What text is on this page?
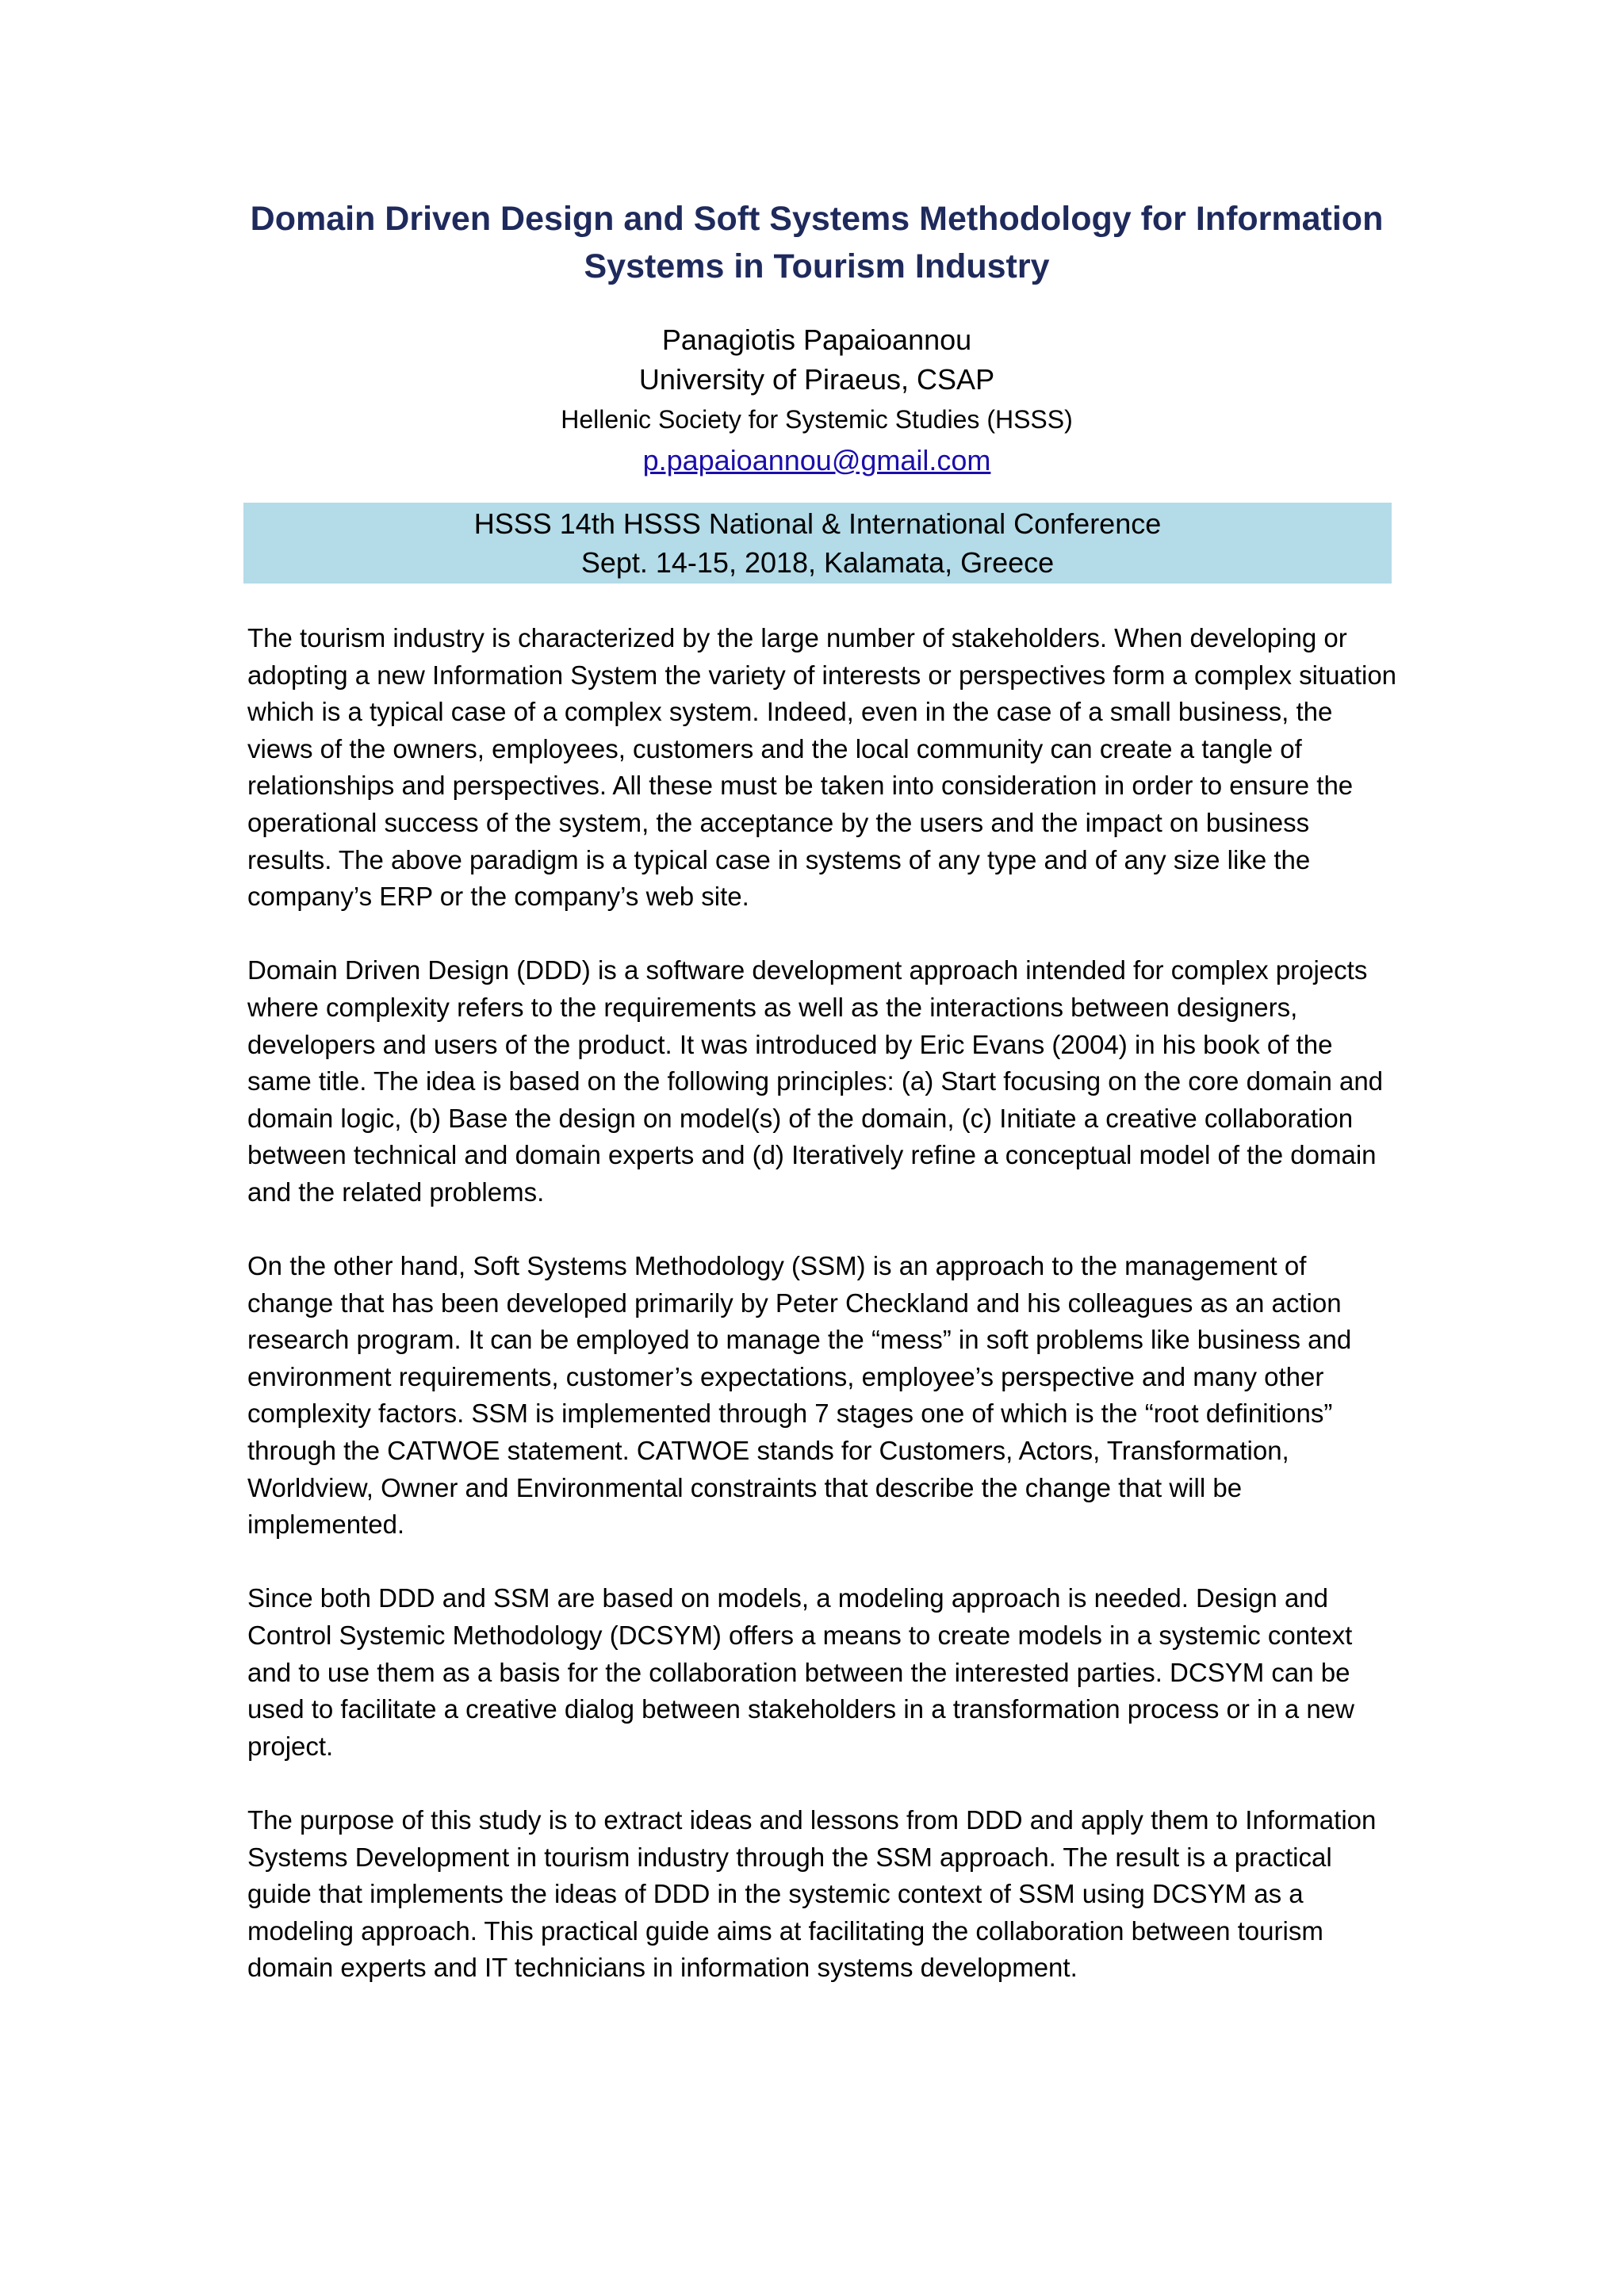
Domain Driven Design and Soft Systems Methodology for Information Systems in Tourism Industry
Panagiotis Papaioannou
University of Piraeus, CSAP
Hellenic Society for Systemic Studies (HSSS)
p.papaioannou@gmail.com
HSSS 14th HSSS National & International Conference
Sept. 14-15, 2018, Kalamata, Greece

The tourism industry is characterized by the large number of stakeholders. When developing or adopting a new Information System the variety of interests or perspectives form a complex situation which is a typical case of a complex system. Indeed, even in the case of a small business, the views of the owners, employees, customers and the local community can create a tangle of relationships and perspectives. All these must be taken into consideration in order to ensure the operational success of the system, the acceptance by the users and the impact on business results. The above paradigm is a typical case in systems of any type and of any size like the company’s ERP or the company’s web site.

Domain Driven Design (DDD) is a software development approach intended for complex projects where complexity refers to the requirements as well as the interactions between designers, developers and users of the product. It was introduced by Eric Evans (2004) in his book of the same title. The idea is based on the following principles: (a) Start focusing on the core domain and domain logic, (b) Base the design on model(s) of the domain, (c) Initiate a creative collaboration between technical and domain experts and (d) Iteratively refine a conceptual model of the domain and the related problems.

On the other hand, Soft Systems Methodology (SSM) is an approach to the management of change that has been developed primarily by Peter Checkland and his colleagues as an action research program. It can be employed to manage the “mess” in soft problems like business and environment requirements, customer’s expectations, employee’s perspective and many other complexity factors. SSM is implemented through 7 stages one of which is the “root definitions” through the CATWOE statement. CATWOE stands for Customers, Actors, Transformation, Worldview, Owner and Environmental constraints that describe the change that will be implemented.

Since both DDD and SSM are based on models, a modeling approach is needed. Design and Control Systemic Methodology (DCSYM) offers a means to create models in a systemic context and to use them as a basis for the collaboration between the interested parties. DCSYM can be used to facilitate a creative dialog between stakeholders in a transformation process or in a new project.

The purpose of this study is to extract ideas and lessons from DDD and apply them to Information Systems Development in tourism industry through the SSM approach. The result is a practical guide that implements the ideas of DDD in the systemic context of SSM using DCSYM as a modeling approach. This practical guide aims at facilitating the collaboration between tourism domain experts and IT technicians in information systems development.
